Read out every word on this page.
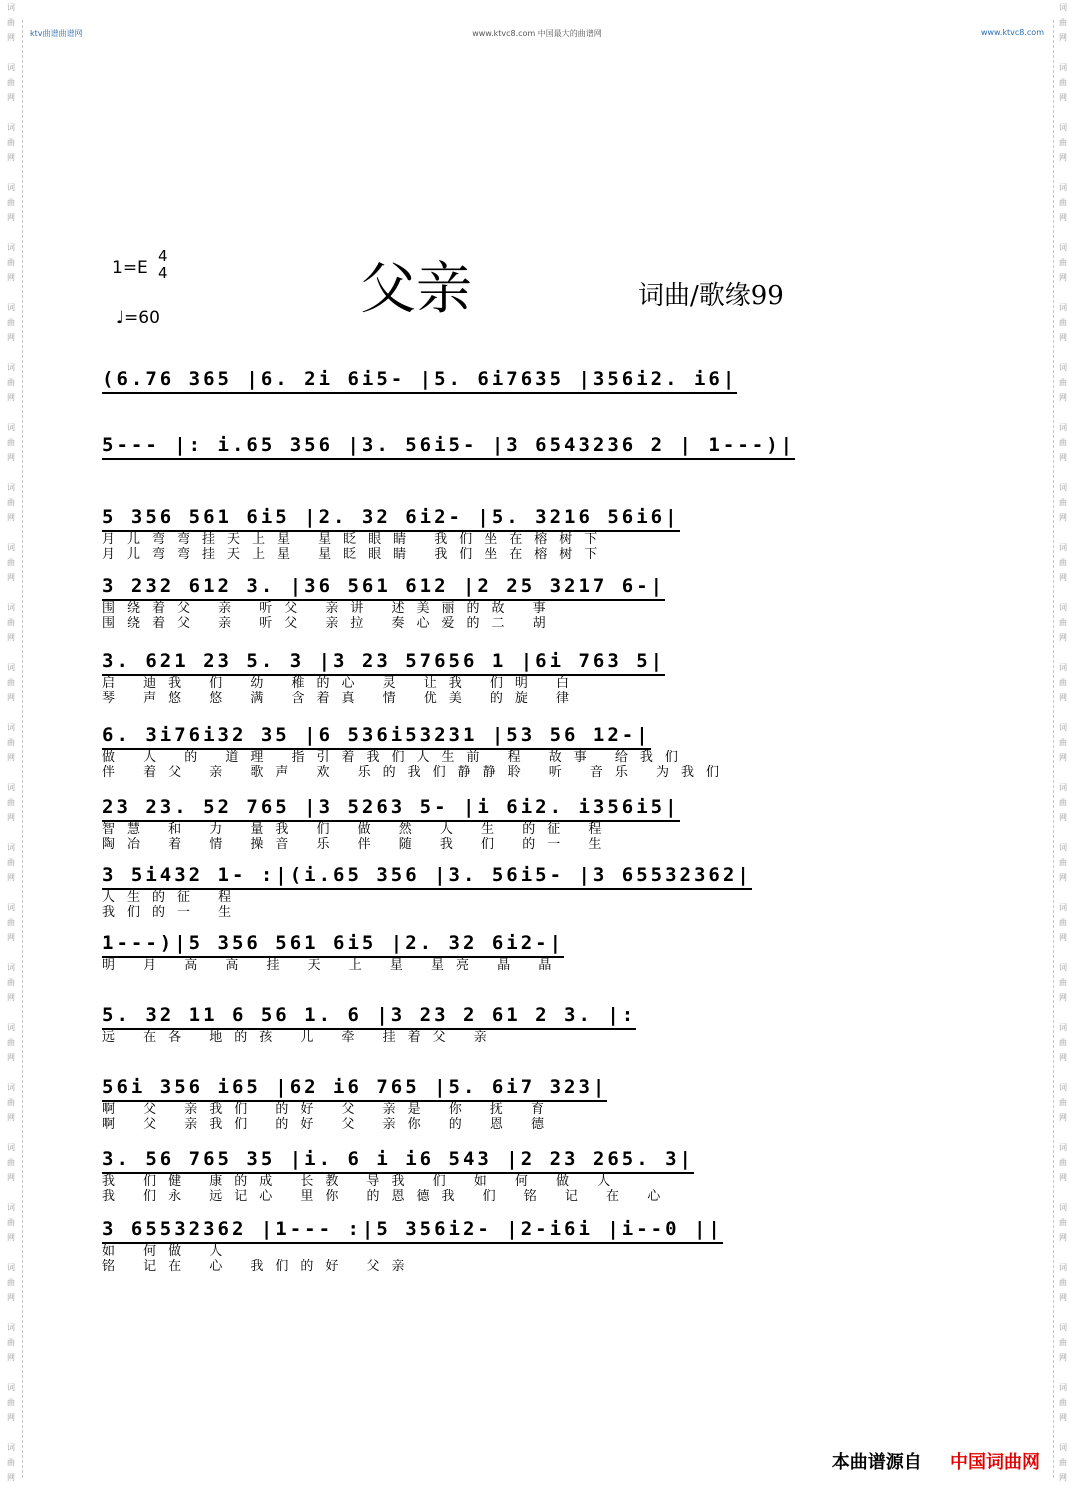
词
曲
网

词
曲
网

词
曲
网

词
曲
网

词
曲
网

词
曲
网

词
曲
网

词
曲
网

词
曲
网

词
曲
网

词
曲
网

词
曲
网

词
曲
网

词
曲
网

词
曲
网

词
曲
网

词
曲
网

词
曲
网

词
曲
网

词
曲
网

词
曲
网

词
曲
网

词
曲
网

词
曲
网

词
曲
网
词
曲
网

词
曲
网

词
曲
网

词
曲
网

词
曲
网

词
曲
网

词
曲
网

词
曲
网

词
曲
网

词
曲
网

词
曲
网

词
曲
网

词
曲
网

词
曲
网

词
曲
网

词
曲
网

词
曲
网

词
曲
网

词
曲
网

词
曲
网

词
曲
网

词
曲
网

词
曲
网

词
曲
网

词
曲
网
ktv曲谱曲谱网	www.ktvc8.com 中国最大的曲谱网	www.ktvc8.com
1=E
4
4
♩=60	父亲	词曲/歌缘99
(6.76 365 |6. 2i 6i5- |5. 6i7635 |356i2. i6|
5--- |: i.65 356 |3. 56i5- |3 6543236 2 | 1---)|
5 356 561 6i5 |2. 32 6i2- |5. 3216 56i6|
月儿弯弯挂天上星 星眨眼睛 我们坐在榕树下
月儿弯弯挂天上星 星眨眼睛 我们坐在榕树下
3 232 612 3. |36 561 612 |2 25 3217 6-|
围绕着父 亲 听父 亲讲 述美丽的故 事
围绕着父 亲 听父 亲拉 奏心爱的二 胡
3. 621 23 5. 3 |3 23 57656 1 |6i 763 5|
启 迪我 们 幼 稚的心 灵 让我 们明 白
琴 声悠 悠 满 含着真 情 优美 的旋 律
6. 3i76i32 35 |6 536i53231 |53 56 12-|
做 人 的 道理 指引着我们人生前 程 故事 给我们
伴 着父 亲 歌声 欢 乐的我们静静聆 听 音乐 为我们
23 23. 52 765 |3 5263 5- |i 6i2. i356i5|
智慧 和 力 量我 们 做 然 人 生 的征 程
陶冶 着 情 操音 乐 伴 随 我 们 的一 生
3 5i432 1- :|(i.65 356 |3. 56i5- |3 65532362|
人生的征 程
我们的一 生
1---)|5 356 561 6i5 |2. 32 6i2-|
明 月 高 高 挂 天 上 星 星亮 晶 晶
5. 32 11 6 56 1. 6 |3 23 2 61 2 3. |:
远 在各 地的孩 儿 牵 挂着父 亲
56i 356 i65 |62 i6 765 |5. 6i7 323|
啊 父 亲我们 的好 父 亲是 你 抚 育
啊 父 亲我们 的好 父 亲你 的 恩 德
3. 56 765 35 |i. 6 i i6 543 |2 23 265. 3|
我 们健 康的成 长教 导我 们 如 何 做 人
我 们永 远记心 里你 的恩德我 们 铭 记 在 心
3 65532362 |1--- :|5 356i2- |2-i6i |i--0 ||
如 何做 人
铭 记在 心 我们的好 父亲
本曲谱源自 中国词曲网
